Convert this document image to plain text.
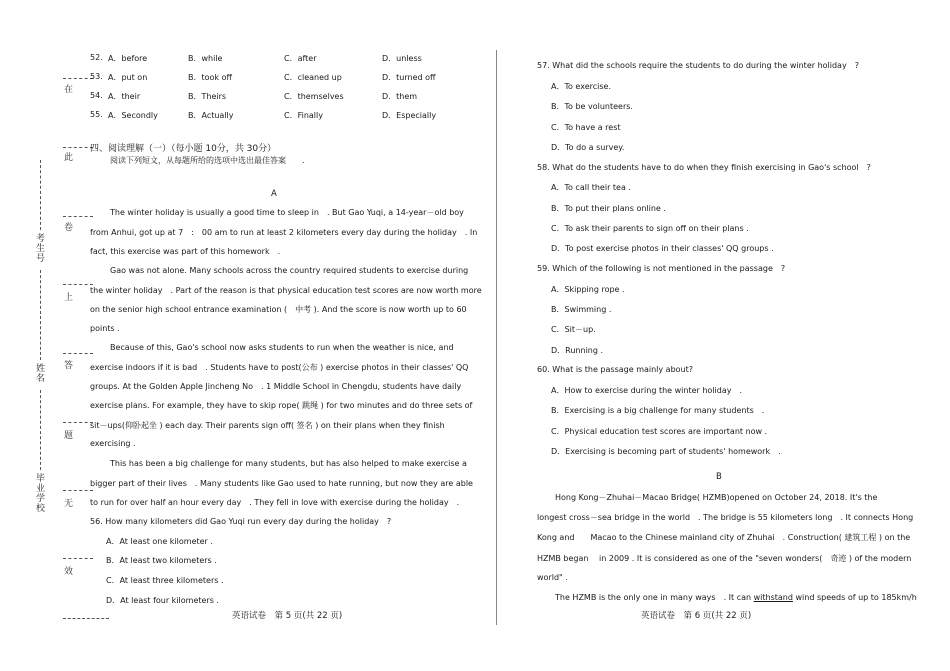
在
此
卷
上
答
题
无
效
考生号
姓名
毕业学校
52. A．before	B．while	C．after	D．unless
53. A．put on	B．took off	C．cleaned up	D．turned off
54. A．their	B．Theirs	C．themselves	D．them
55. A．Secondly	B．Actually	C．Finally	D．Especially
四、阅读理解（一）（每小题 10分，共 30分）
阅读下列短文，从每题所给的选项中选出最佳答案　　.
A
The winter holiday is usually a good time to sleep in　. But Gao Yuqi, a 14-year－old boy
from Anhui, got up at 7　:　00 am to run at least 2 kilometers every day during the holiday　. In
fact, this exercise was part of this homework　.
Gao was not alone. Many schools across the country required students to exercise during
the winter holiday　. Part of the reason is that physical education test scores are now worth more
on the senior high school entrance examination (　中考 ). And the score is now worth up to 60
points .
Because of this, Gao's school now asks students to run when the weather is nice, and
exercise indoors if it is bad　. Students have to post(公布 ) exercise photos in their classes' QQ
groups. At the Golden Apple Jincheng No　. 1 Middle School in Chengdu, students have daily
exercise plans. For example, they have to skip rope( 跳绳 ) for two minutes and do three sets of
sit－ups(仰卧起坐 ) each day. Their parents sign off( 签名 ) on their plans when they finish
exercising .
This has been a big challenge for many students, but has also helped to make exercise a
bigger part of their lives　. Many students like Gao used to hate running, but now they are able
to run for over half an hour every day　. They fell in love with exercise during the holiday　.
56. How many kilometers did Gao Yuqi run every day during the holiday　?
A．At least one kilometer .
B．At least two kilometers .
C．At least three kilometers .
D．At least four kilometers .
英语试卷　第 5 页(共 22 页)
57. What did the schools require the students to do during the winter holiday　?
A．To exercise.
B．To be volunteers.
C．To have a rest
D．To do a survey.
58. What do the students have to do when they finish exercising in Gao's school　?
A．To call their tea .
B．To put their plans online .
C．To ask their parents to sign off on their plans .
D．To post exercise photos in their classes' QQ groups .
59. Which of the following is not mentioned in the passage　?
A．Skipping rope .
B．Swimming .
C．Sit－up.
D．Running .
60. What is the passage mainly about?
A．How to exercise during the winter holiday　.
B．Exercising is a big challenge for many students　.
C．Physical education test scores are important now .
D．Exercising is becoming part of students' homework　.
B
Hong Kong－Zhuhai－Macao Bridge( HZMB)opened on October 24, 2018. It's the
longest cross－sea bridge in the world　. The bridge is 55 kilometers long　. It connects Hong
Kong and　　Macao to the Chinese mainland city of Zhuhai　. Construction( 建筑工程 ) on the
HZMB began　 in 2009 . It is considered as one of the "seven wonders(　奇迹 ) of the modern
world" .
The HZMB is the only one in many ways　. It can withstand wind speeds of up to 185km/h
英语试卷　第 6 页(共 22 页)
